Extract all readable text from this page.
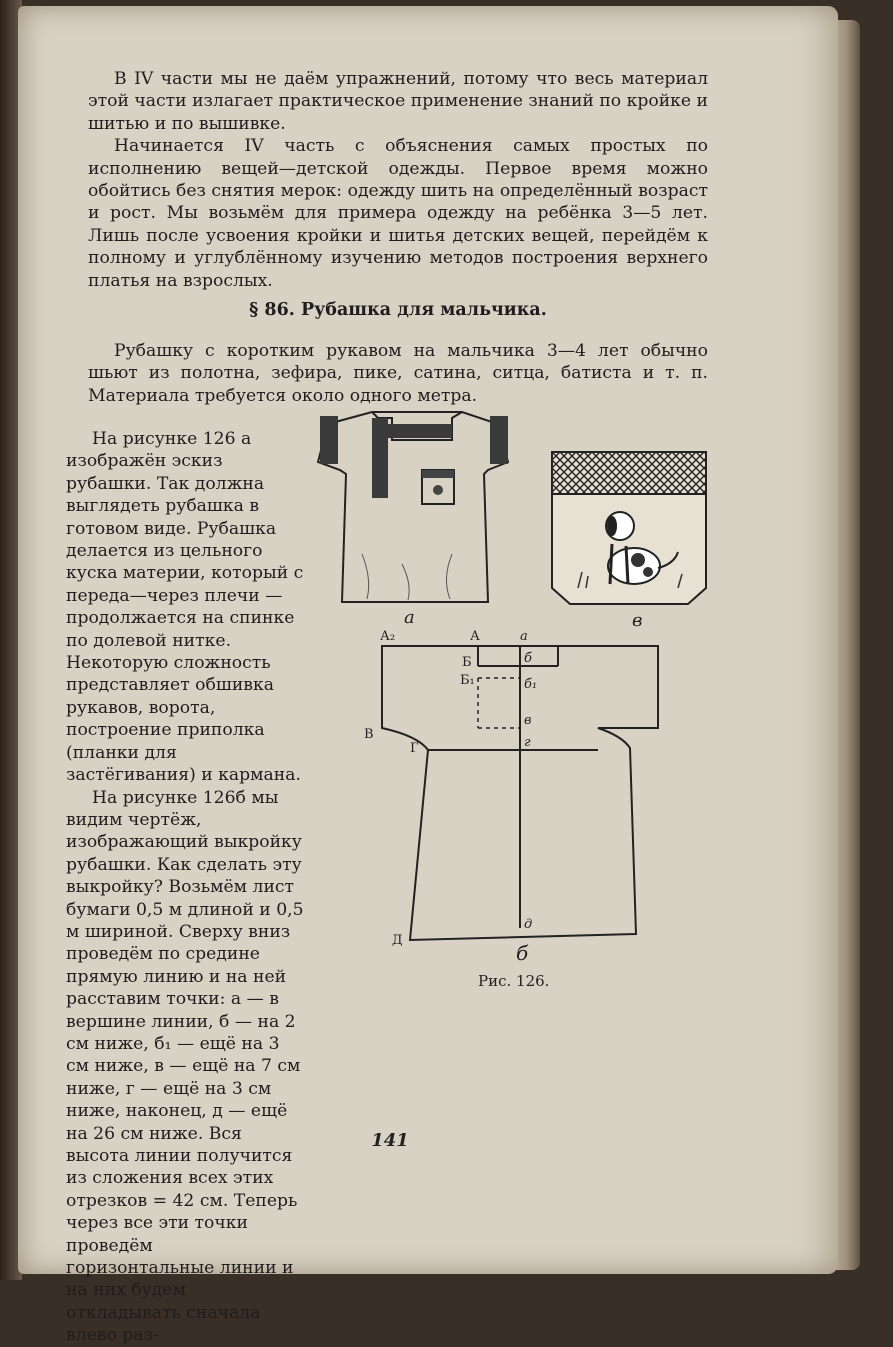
В IV части мы не даём упражнений, потому что весь материал этой части излагает практическое применение знаний по кройке и шитью и по вышивке.

Начинается IV часть с объяснения самых простых по исполнению вещей—детской одежды. Первое время можно обойтись без снятия мерок: одежду шить на определённый возраст и рост. Мы возьмём для примера одежду на ребёнка 3—5 лет. Лишь после усвоения кройки и шитья детских вещей, перейдём к полному и углублённому изучению методов построения верхнего платья на взрослых.

§ 86. Рубашка для мальчика.

Рубашку с коротким рукавом на мальчика 3—4 лет обычно шьют из полотна, зефира, пике, сатина, ситца, батиста и т. п. Материала требуется около одного метра.

На рисунке 126 а изображён эскиз рубашки. Так должна выглядеть рубашка в готовом виде. Рубашка делается из цельного куска материи, который с переда—через плечи — продолжается на спинке по долевой нитке. Некоторую сложность представляет обшивка рукавов, ворота, построение приполка (планки для застёгивания) и кармана.

На рисунке 126б мы видим чертёж, изображающий выкройку рубашки. Как сделать эту выкройку? Возьмём лист бумаги 0,5 м длиной и 0,5 м шириной. Сверху вниз проведём по средине прямую линию и на ней расставим точки: а — в вершине линии, б — на 2 см ниже, б₁ — ещё на 3 см ниже, в — ещё на 7 см ниже, г — ещё на 3 см ниже, наконец, д — ещё на 26 см ниже. Вся высота линии получится из сложения всех этих отрезков = 42 см. Теперь через все эти точки проведём горизонтальные линии и на них будем откладывать сначала влево раз-

а	в
А₂	А	а
Б	б
Б₁	б₁
В
в
Г	г
Д
д
б
Рис. 126.
141
